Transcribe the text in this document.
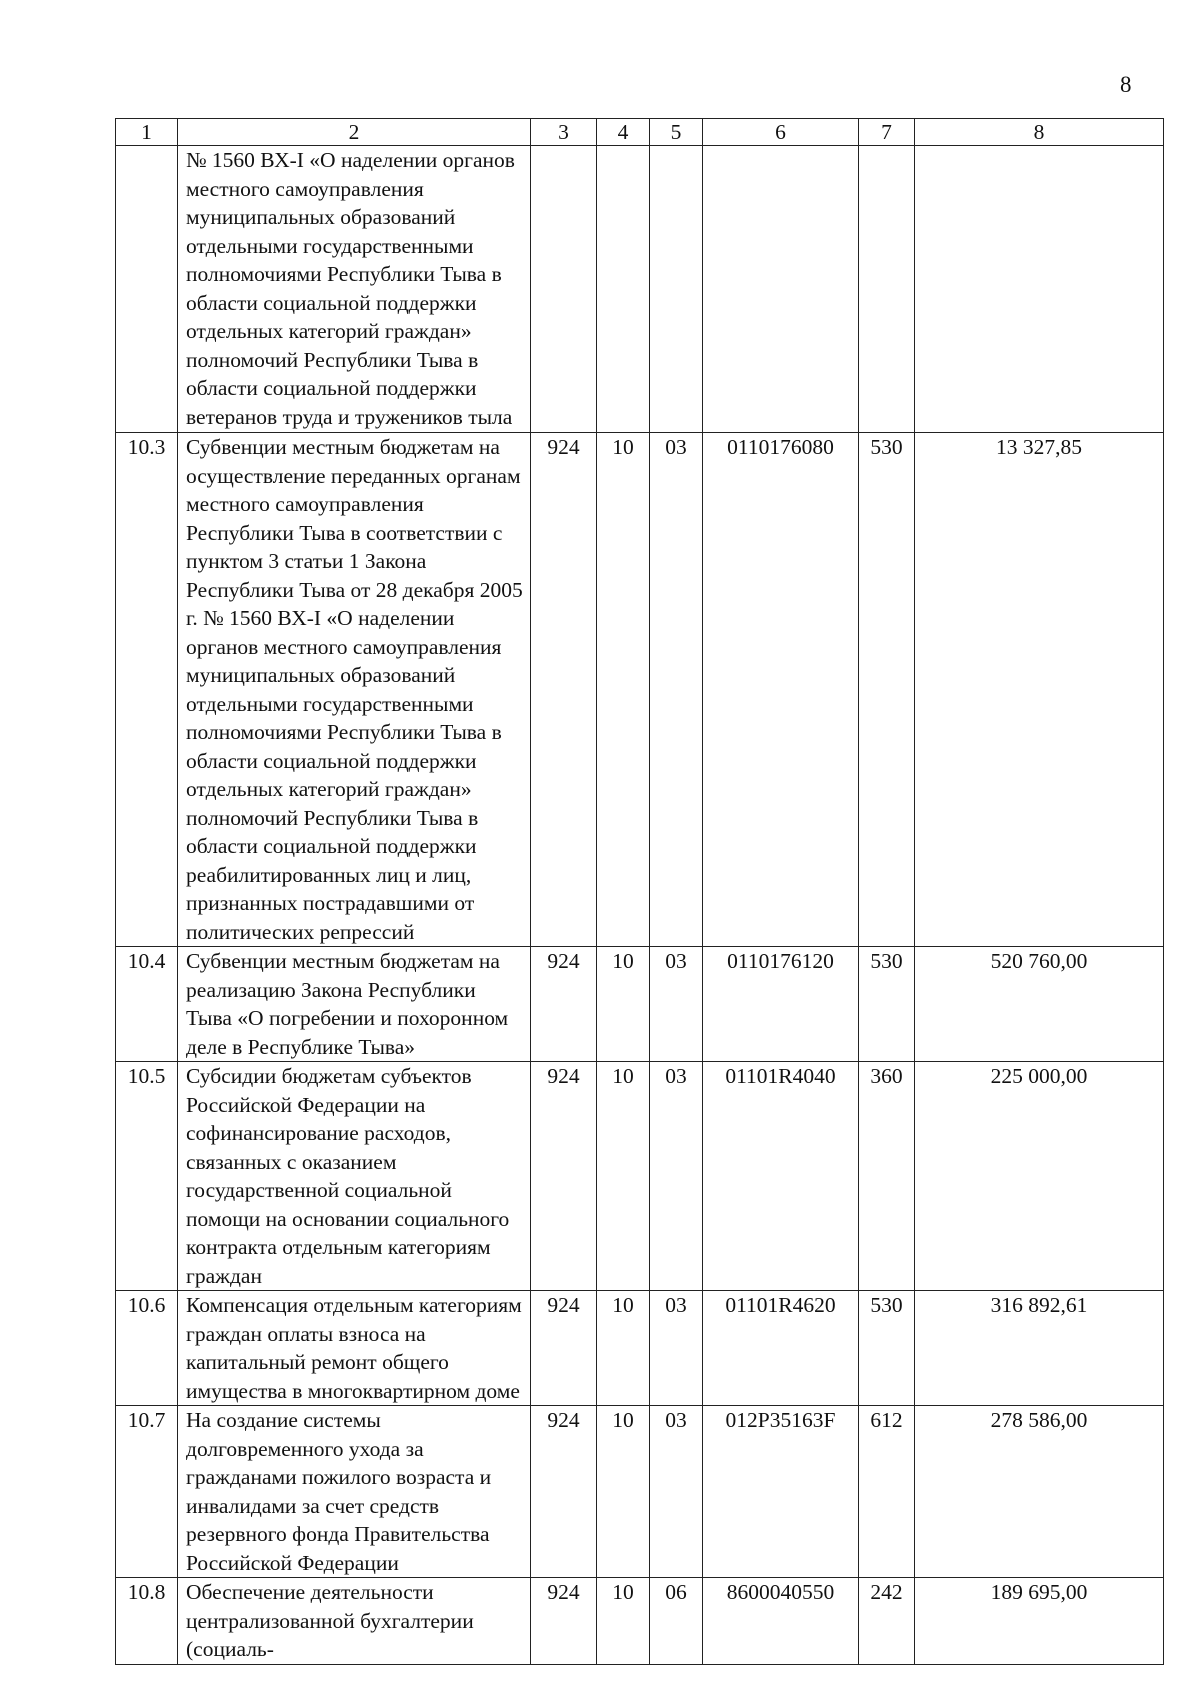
8
1	2	3	4	5	6	7	8
	№ 1560 ВХ-I «О наделении органов местного самоуправления муниципальных образований отдельными государственными полномочиями Республики Тыва в области социальной поддержки отдельных категорий граждан» полномочий Республики Тыва в области социальной поддержки ветеранов труда и тружеников тыла						
10.3	Субвенции местным бюджетам на осуществление переданных органам местного самоуправления Республики Тыва в соответствии с пунктом 3 статьи 1 Закона Республики Тыва от 28 декабря 2005 г. № 1560 ВХ-I «О наделении органов местного самоуправления муниципальных образований отдельными государственными полномочиями Республики Тыва в области социальной поддержки отдельных категорий граждан» полномочий Республики Тыва в области социальной поддержки реабилитированных лиц и лиц, признанных пострадавшими от политических репрессий	924	10	03	0110176080	530	13 327,85
10.4	Субвенции местным бюджетам на реализацию Закона Республики Тыва «О погребении и похоронном деле в Республике Тыва»	924	10	03	0110176120	530	520 760,00
10.5	Субсидии бюджетам субъектов Российской Федерации на софинансирование расходов, связанных с оказанием государственной социальной помощи на основании социального контракта отдельным категориям граждан	924	10	03	01101R4040	360	225 000,00
10.6	Компенсация отдельным категориям граждан оплаты взноса на капитальный ремонт общего имущества в многоквартирном доме	924	10	03	01101R4620	530	316 892,61
10.7	На создание системы долговременного ухода за гражданами пожилого возраста и инвалидами за счет средств резервного фонда Правительства Российской Федерации	924	10	03	012P35163F	612	278 586,00
10.8	Обеспечение деятельности централизованной бухгалтерии (социаль-	924	10	06	8600040550	242	189 695,00
